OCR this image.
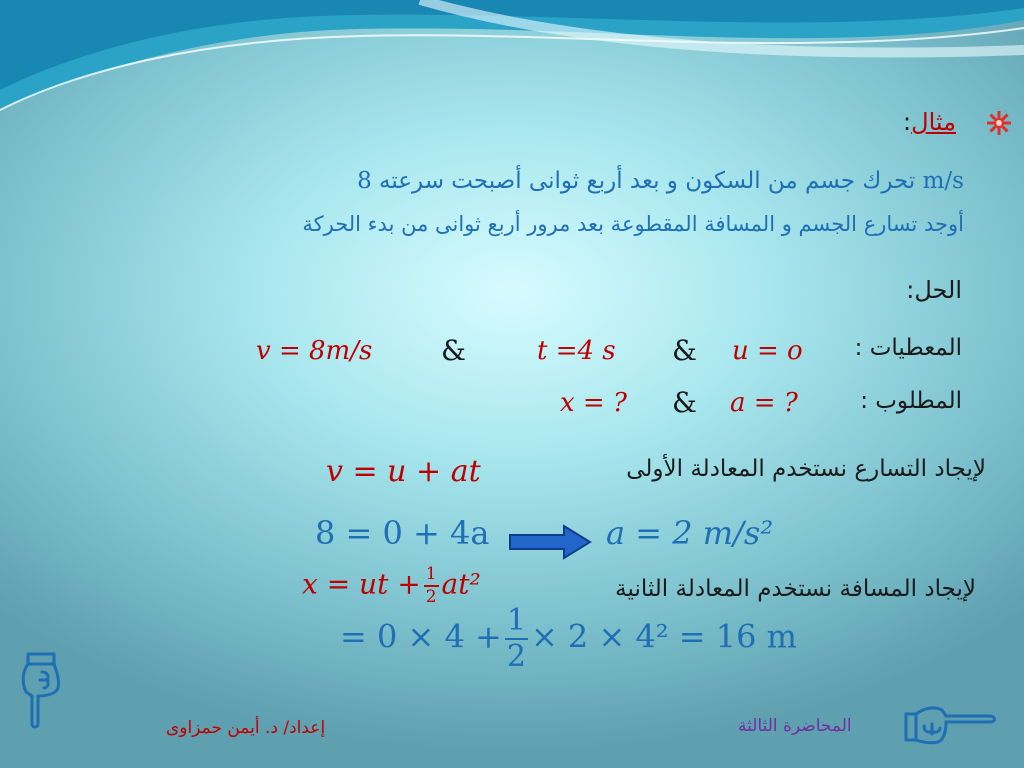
:مثال
تحرك جسم من السكون و بعد أربع ثوانى أصبحت سرعته 8 m/s
أوجد تسارع الجسم و المسافة المقطوعة بعد مرور أربع ثوانى من بدء الحركة
الحل:
المعطيات :
u = o
&
t =4 s
&
v = 8m/s
المطلوب :
a = ?
&
x = ?
لإيجاد التسارع نستخدم المعادلة الأولى
v = u + at
8 = 0 + 4a	a = 2 m/s²
لإيجاد المسافة نستخدم المعادلة الثانية
x = ut + $\frac{1}{2} at^2$
= $0 \times 4 + \frac{1}{2} \times 2 \times 4^2 = 16$ m
المحاضرة الثالثة
إعداد/ د. أيمن حمزاوى
